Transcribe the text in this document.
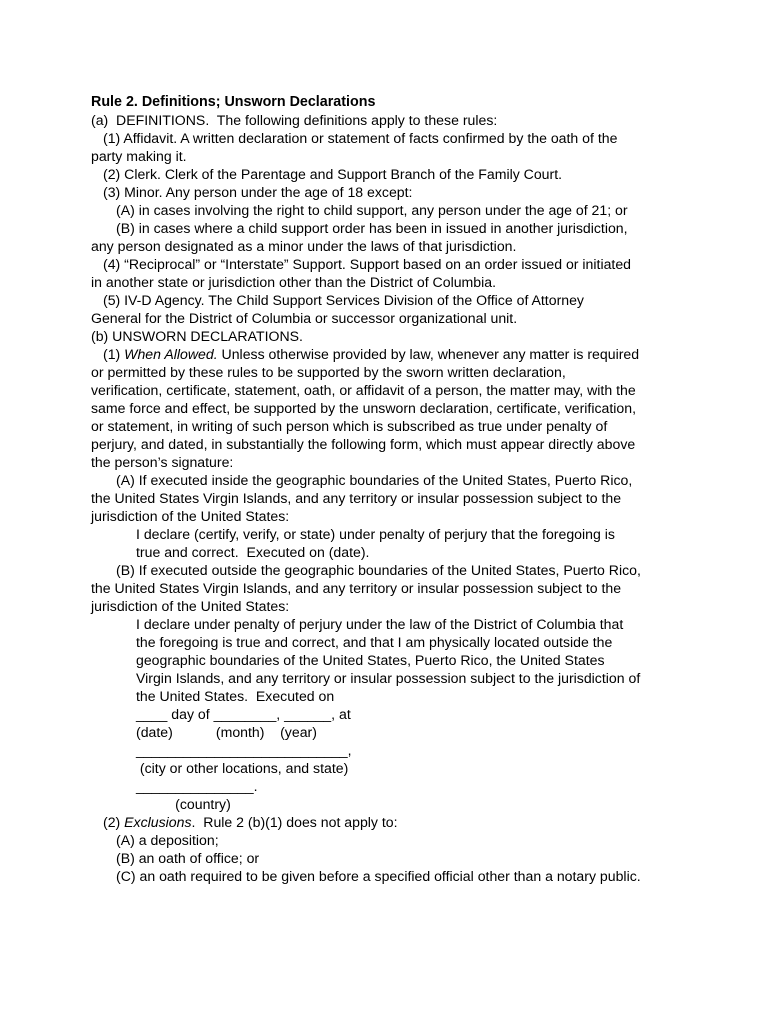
Rule 2. Definitions; Unsworn Declarations
(a)  DEFINITIONS.  The following definitions apply to these rules:
(1) Affidavit. A written declaration or statement of facts confirmed by the oath of the
party making it.
(2) Clerk. Clerk of the Parentage and Support Branch of the Family Court.
(3) Minor. Any person under the age of 18 except:
(A) in cases involving the right to child support, any person under the age of 21; or
(B) in cases where a child support order has been in issued in another jurisdiction,
any person designated as a minor under the laws of that jurisdiction.
(4) “Reciprocal” or “Interstate” Support. Support based on an order issued or initiated
in another state or jurisdiction other than the District of Columbia.
(5) IV-D Agency. The Child Support Services Division of the Office of Attorney
General for the District of Columbia or successor organizational unit.
(b) UNSWORN DECLARATIONS.
(1) When Allowed. Unless otherwise provided by law, whenever any matter is required
or permitted by these rules to be supported by the sworn written declaration,
verification, certificate, statement, oath, or affidavit of a person, the matter may, with the
same force and effect, be supported by the unsworn declaration, certificate, verification,
or statement, in writing of such person which is subscribed as true under penalty of
perjury, and dated, in substantially the following form, which must appear directly above
the person’s signature:
(A) If executed inside the geographic boundaries of the United States, Puerto Rico,
the United States Virgin Islands, and any territory or insular possession subject to the
jurisdiction of the United States:
I declare (certify, verify, or state) under penalty of perjury that the foregoing is
true and correct.  Executed on (date).
(B) If executed outside the geographic boundaries of the United States, Puerto Rico,
the United States Virgin Islands, and any territory or insular possession subject to the
jurisdiction of the United States:
I declare under penalty of perjury under the law of the District of Columbia that
the foregoing is true and correct, and that I am physically located outside the
geographic boundaries of the United States, Puerto Rico, the United States
Virgin Islands, and any territory or insular possession subject to the jurisdiction of
the United States.  Executed on
____ day of ________, ______, at
(date)           (month)    (year)
___________________________,
(city or other locations, and state)
_______________.
(country)
(2) Exclusions.  Rule 2 (b)(1) does not apply to:
(A) a deposition;
(B) an oath of office; or
(C) an oath required to be given before a specified official other than a notary public.
